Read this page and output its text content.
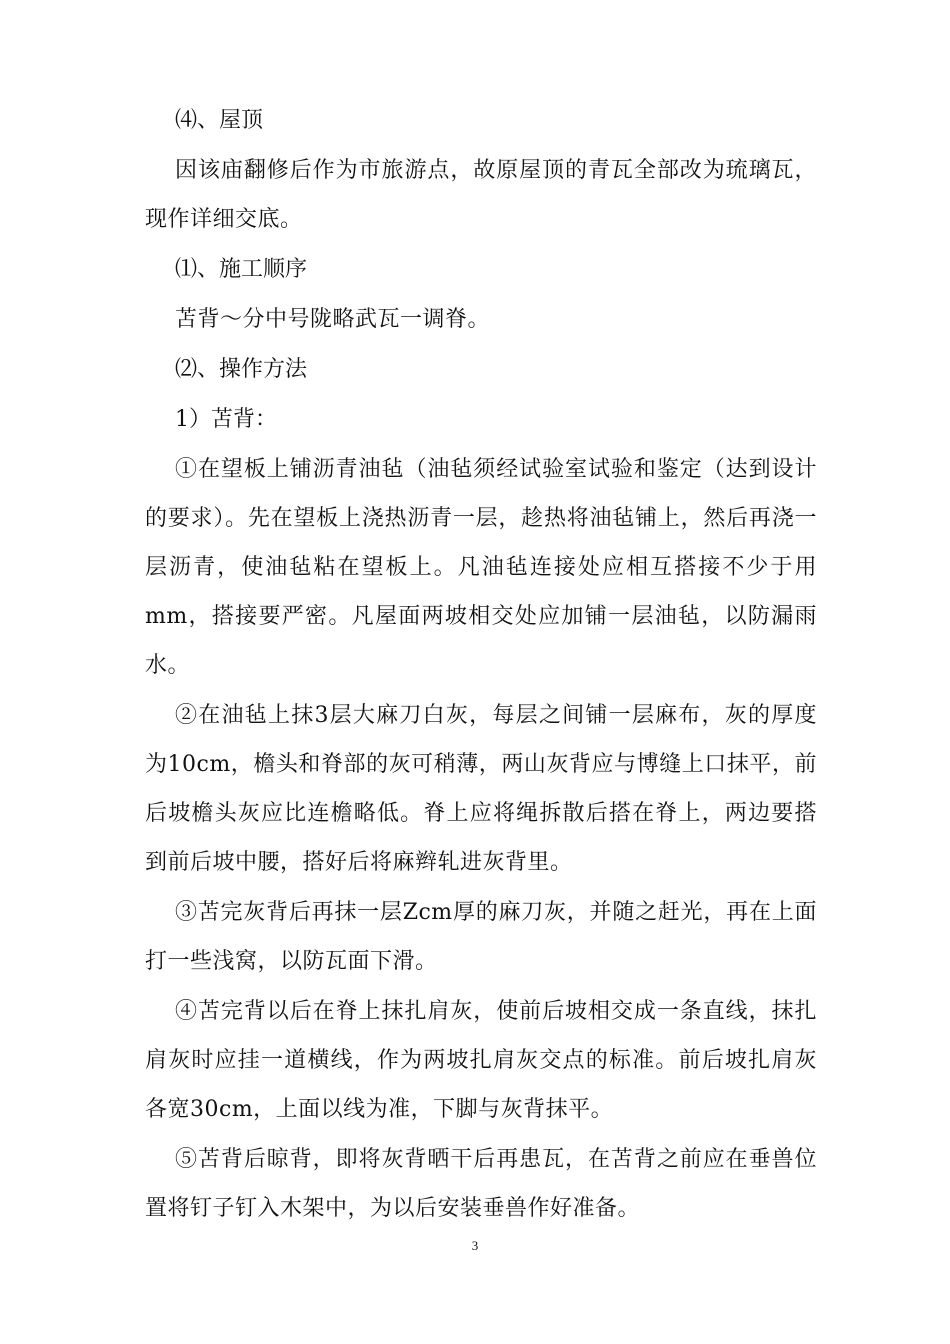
⑷、屋顶

因该庙翻修后作为市旅游点，故原屋顶的青瓦全部改为琉璃瓦，现作详细交底。

⑴、施工顺序

苫背～分中号陇略武瓦一调脊。

⑵、操作方法

1）苫背：

①在望板上铺沥青油毡（油毡须经试验室试验和鉴定（达到设计的要求）。先在望板上浇热沥青一层，趁热将油毡铺上，然后再浇一层沥青，使油毡粘在望板上。凡油毡连接处应相互搭接不少于用mm，搭接要严密。凡屋面两坡相交处应加铺一层油毡，以防漏雨水。

②在油毡上抹3层大麻刀白灰，每层之间铺一层麻布，灰的厚度为10cm，檐头和脊部的灰可稍薄，两山灰背应与博缝上口抹平，前后坡檐头灰应比连檐略低。脊上应将绳拆散后搭在脊上，两边要搭到前后坡中腰，搭好后将麻辫轧进灰背里。

③苫完灰背后再抹一层Zcm厚的麻刀灰，并随之赶光，再在上面打一些浅窝，以防瓦面下滑。

④苫完背以后在脊上抹扎肩灰，使前后坡相交成一条直线，抹扎肩灰时应挂一道横线，作为两坡扎肩灰交点的标准。前后坡扎肩灰各宽30cm，上面以线为准，下脚与灰背抹平。

⑤苫背后晾背，即将灰背晒干后再患瓦，在苫背之前应在垂兽位置将钉子钉入木架中，为以后安装垂兽作好准备。

3
